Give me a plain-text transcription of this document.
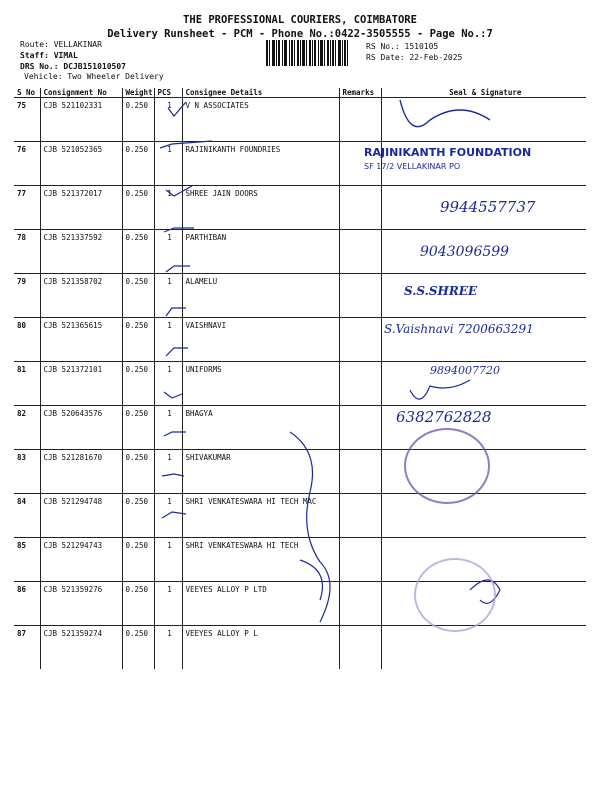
THE PROFESSIONAL COURIERS, COIMBATORE
Delivery Runsheet - PCM - Phone No.:0422-3505555 - Page No.:7
Route: VELLAKINAR
Staff: VIMAL
DRS No.: DCJB151010507
Vehicle: Two Wheeler Delivery
RS No.: 1510105
RS Date: 22-Feb-2025
S No	Consignment No	Weight	PCS	Consignee Details	Remarks	Seal & Signature
75	CJB 521102331	0.250	1	V N ASSOCIATES		
76	CJB 521052365	0.250	1	RAJINIKANTH FOUNDRIES		
77	CJB 521372017	0.250	1	SHREE JAIN DOORS		
78	CJB 521337592	0.250	1	PARTHIBAN		
79	CJB 521358702	0.250	1	ALAMELU		
80	CJB 521365615	0.250	1	VAISHNAVI		
81	CJB 521372101	0.250	1	UNIFORMS		
82	CJB 520643576	0.250	1	BHAGYA		
83	CJB 521281670	0.250	1	SHIVAKUMAR		
84	CJB 521294748	0.250	1	SHRI VENKATESWARA HI TECH MAC		
85	CJB 521294743	0.250	1	SHRI VENKATESWARA HI TECH		
86	CJB 521359276	0.250	1	VEEYES ALLOY P LTD		
87	CJB 521359274	0.250	1	VEEYES ALLOY P L		
RAJINIKANTH FOUNDATION
SF 17/2 VELLAKINAR PO
9944557737
9043096599
S.S.SHREE
S.Vaishnavi 7200663291
9894007720
6382762828
